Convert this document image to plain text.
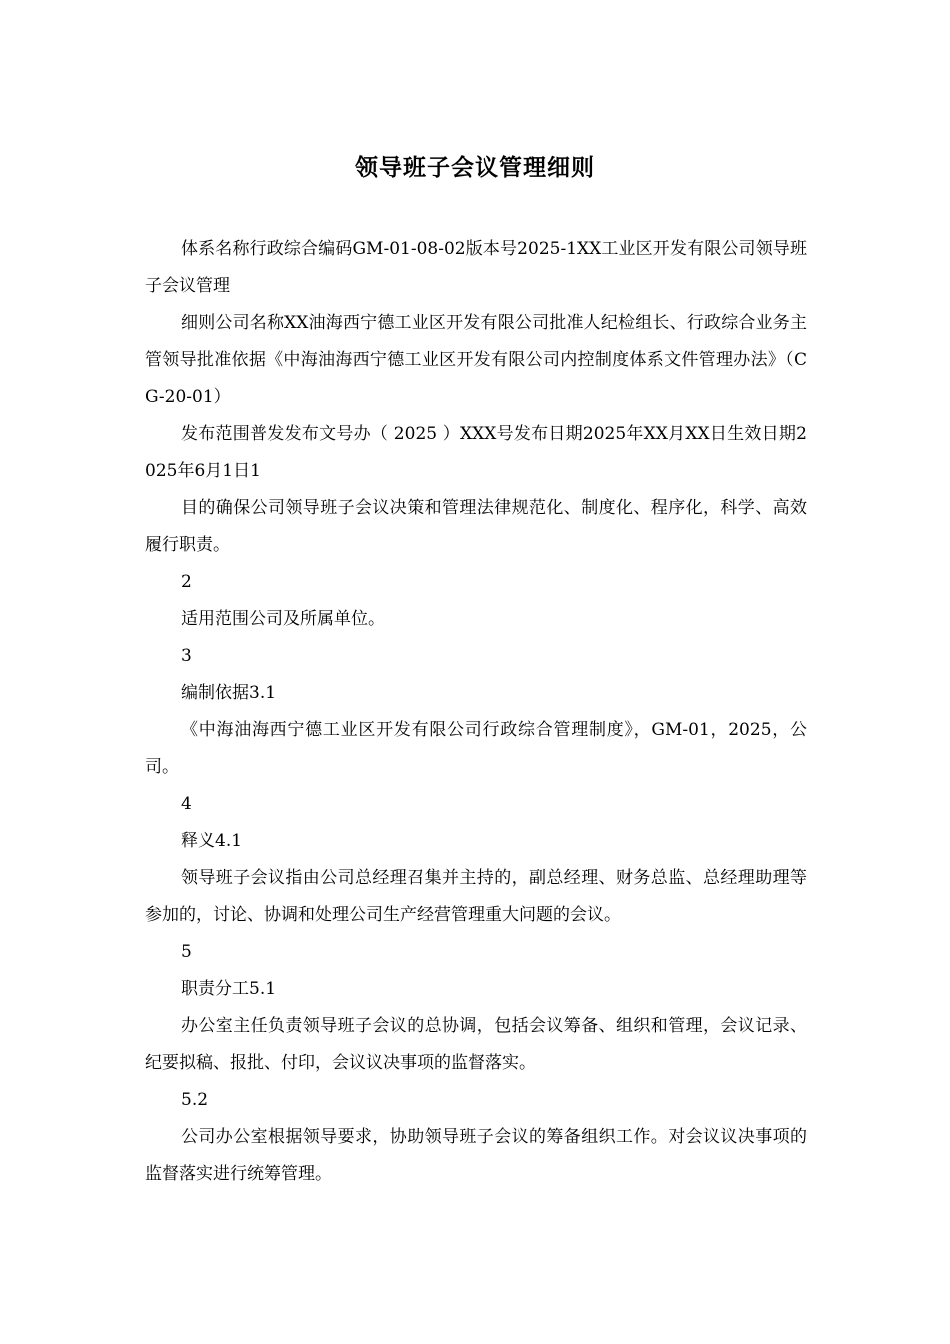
领导班子会议管理细则

体系名称行政综合编码GM-01-08-02版本号2025-1XX工业区开发有限公司领导班子会议管理

细则公司名称XX油海西宁德工业区开发有限公司批准人纪检组长、行政综合业务主管领导批准依据《中海油海西宁德工业区开发有限公司内控制度体系文件管理办法》（CG-20-01）

发布范围普发发布文号办（ 2025 ）XXX号发布日期2025年XX月XX日生效日期2025年6月1日1

目的确保公司领导班子会议决策和管理法律规范化、制度化、程序化，科学、高效履行职责。

2

适用范围公司及所属单位。

3

编制依据3.1

《中海油海西宁德工业区开发有限公司行政综合管理制度》，GM-01，2025，公司。

4

释义4.1

领导班子会议指由公司总经理召集并主持的，副总经理、财务总监、总经理助理等参加的，讨论、协调和处理公司生产经营管理重大问题的会议。

5

职责分工5.1

办公室主任负责领导班子会议的总协调，包括会议筹备、组织和管理，会议记录、纪要拟稿、报批、付印，会议议决事项的监督落实。

5.2

公司办公室根据领导要求，协助领导班子会议的筹备组织工作。对会议议决事项的监督落实进行统筹管理。
